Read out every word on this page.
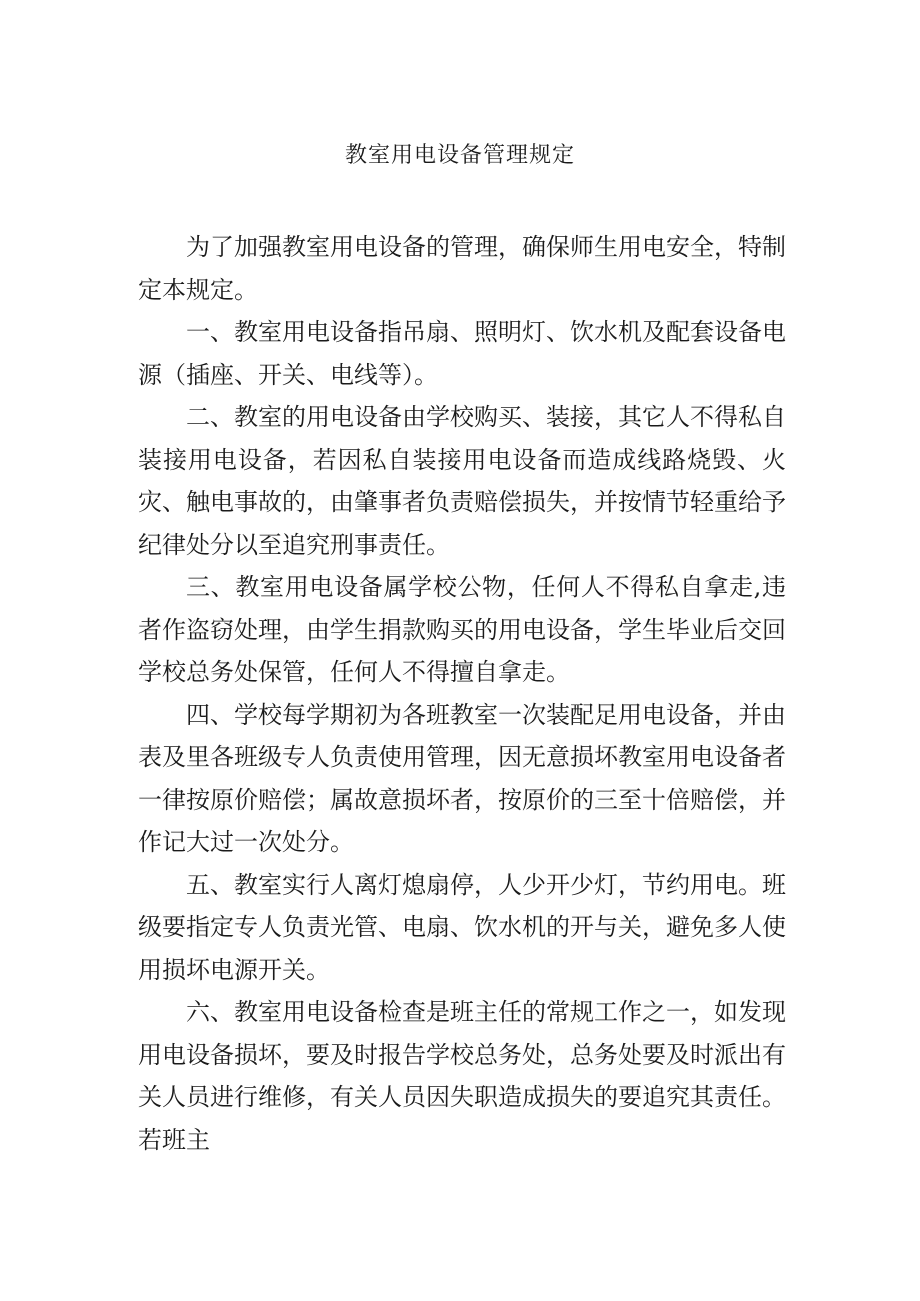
教室用电设备管理规定

为了加强教室用电设备的管理，确保师生用电安全，特制定本规定。

一、教室用电设备指吊扇、照明灯、饮水机及配套设备电源（插座、开关、电线等）。

二、教室的用电设备由学校购买、装接，其它人不得私自装接用电设备，若因私自装接用电设备而造成线路烧毁、火灾、触电事故的，由肇事者负责赔偿损失，并按情节轻重给予纪律处分以至追究刑事责任。

三、教室用电设备属学校公物，任何人不得私自拿走,违者作盗窃处理，由学生捐款购买的用电设备，学生毕业后交回学校总务处保管，任何人不得擅自拿走。

四、学校每学期初为各班教室一次装配足用电设备，并由表及里各班级专人负责使用管理，因无意损坏教室用电设备者一律按原价赔偿；属故意损坏者，按原价的三至十倍赔偿，并作记大过一次处分。

五、教室实行人离灯熄扇停，人少开少灯，节约用电。班级要指定专人负责光管、电扇、饮水机的开与关，避免多人使用损坏电源开关。

六、教室用电设备检查是班主任的常规工作之一，如发现用电设备损坏，要及时报告学校总务处，总务处要及时派出有关人员进行维修，有关人员因失职造成损失的要追究其责任。若班主
